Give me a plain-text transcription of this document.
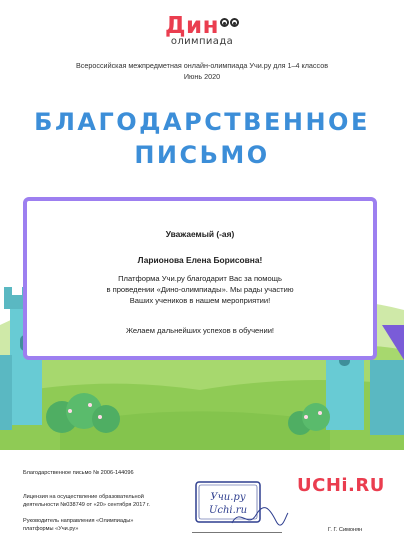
Дин
олимпиада
Всероссийская межпредметная онлайн-олимпиада Учи.ру для 1–4 классов
Июнь 2020
БЛАГОДАРСТВЕННОЕ
ПИСЬМО
Уважаемый (-ая)
Ларионова Елена Борисовна!
Платформа Учи.ру благодарит Вас за помощь
в проведении «Дино-олимпиады». Мы рады участию
Ваших учеников в нашем мероприятии!
Желаем дальнейших успехов в обучении!
Благодарственное письмо № 2006-144096
Лицензия на осуществление образовательной
деятельности №038749 от «20» сентября 2017 г.
Руководитель направления «Олимпиады»
платформы «Учи.ру»
Учи.ру
Uchi.ru
UCHi.RU
Г. Г. Симонян
